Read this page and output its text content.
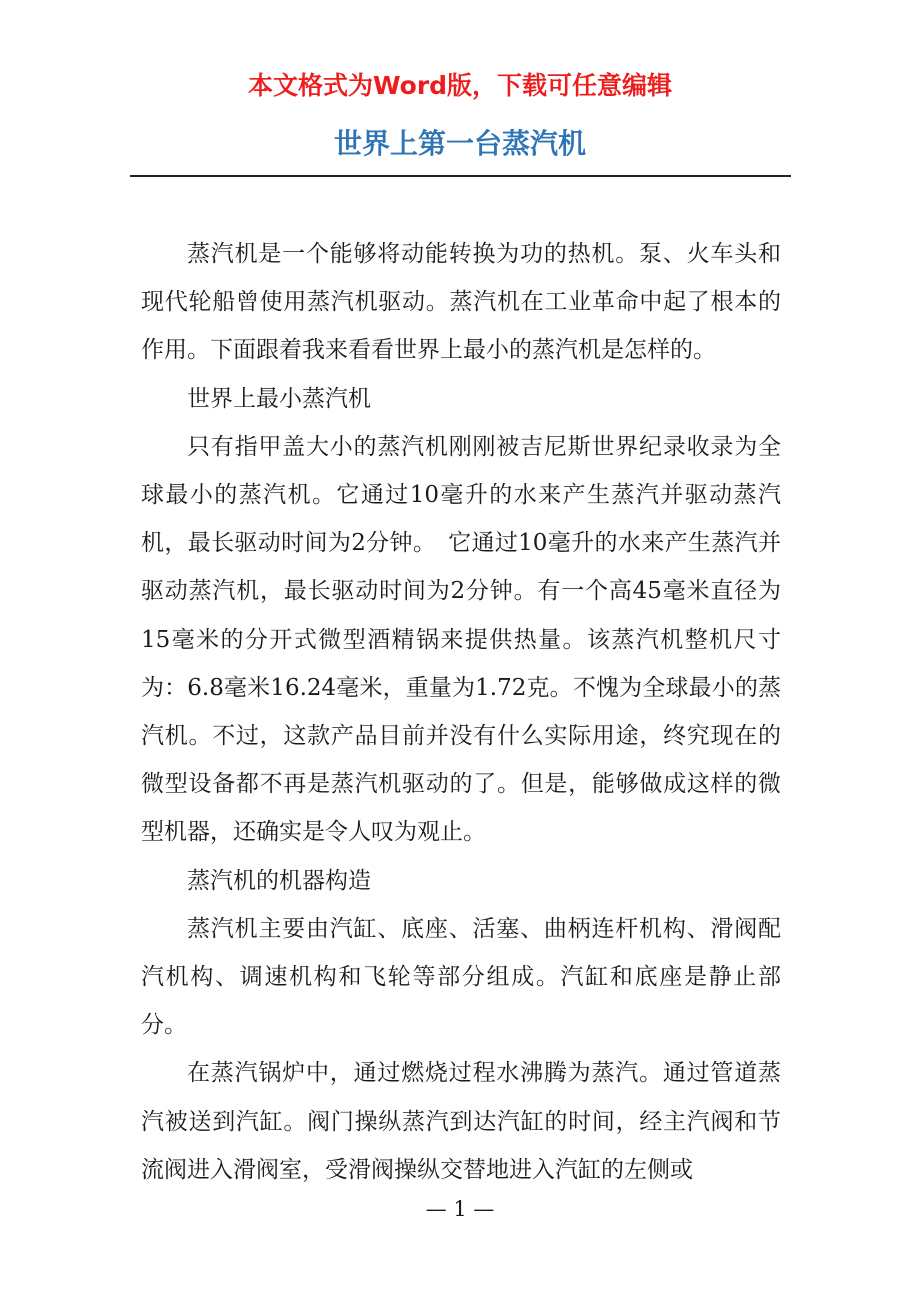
本文格式为Word版，下载可任意编辑
世界上第一台蒸汽机

蒸汽机是一个能够将动能转换为功的热机。泵、火车头和现代轮船曾使用蒸汽机驱动。蒸汽机在工业革命中起了根本的作用。下面跟着我来看看世界上最小的蒸汽机是怎样的。

世界上最小蒸汽机

只有指甲盖大小的蒸汽机刚刚被吉尼斯世界纪录收录为全球最小的蒸汽机。它通过10毫升的水来产生蒸汽并驱动蒸汽机，最长驱动时间为2分钟。　它通过10毫升的水来产生蒸汽并驱动蒸汽机，最长驱动时间为2分钟。有一个高45毫米直径为15毫米的分开式微型酒精锅来提供热量。该蒸汽机整机尺寸为：6.8毫米16.24毫米，重量为1.72克。不愧为全球最小的蒸汽机。不过，这款产品目前并没有什么实际用途，终究现在的微型设备都不再是蒸汽机驱动的了。但是，能够做成这样的微型机器，还确实是令人叹为观止。

蒸汽机的机器构造

蒸汽机主要由汽缸、底座、活塞、曲柄连杆机构、滑阀配汽机构、调速机构和飞轮等部分组成。汽缸和底座是静止部分。

在蒸汽锅炉中，通过燃烧过程水沸腾为蒸汽。通过管道蒸汽被送到汽缸。阀门操纵蒸汽到达汽缸的时间，经主汽阀和节流阀进入滑阀室，受滑阀操纵交替地进入汽缸的左侧或

— 1 —
